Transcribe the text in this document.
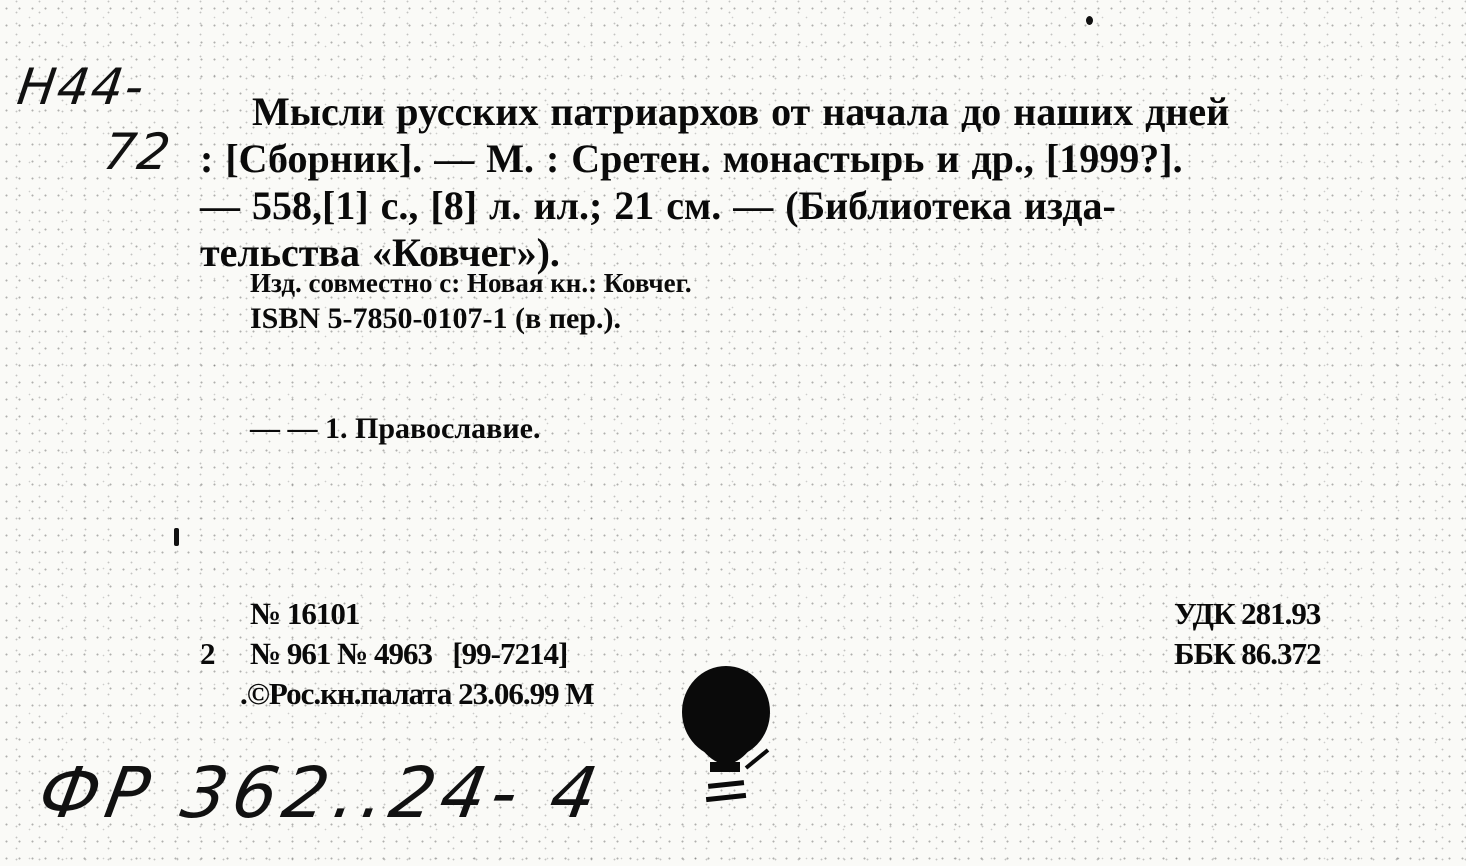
Н44-
72
Мысли русских патриархов от начала до наших дней
: [Сборник]. — М. : Сретен. монастырь и др., [1999?].
— 558,[1] с., [8] л. ил.; 21 см. — (Библиотека изда-
тельства «Ковчег»).
Изд. совместно с: Новая кн.: Ковчег.
ISBN 5-7850-0107-1 (в пер.).
— — 1. Православие.
№ 16101
2 № 961 № 4963 [99-7214]
.©Рос.кн.палата 23.06.99 М
УДК 281.93
ББК 86.372
ФР 362..24- 4
